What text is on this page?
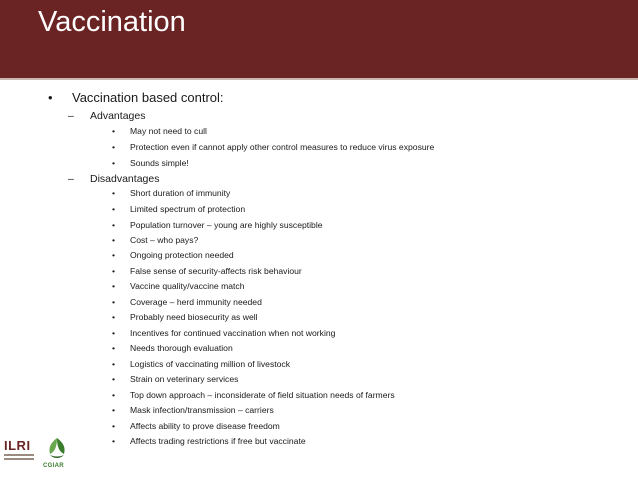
Vaccination
• Vaccination based control:
– Advantages
• May not need to cull
• Protection even if cannot apply other control measures to reduce virus exposure
• Sounds simple!
– Disadvantages
• Short duration of immunity
• Limited spectrum of protection
• Population turnover – young are highly susceptible
• Cost – who pays?
• Ongoing protection needed
• False sense of security-affects risk behaviour
• Vaccine quality/vaccine match
• Coverage – herd immunity needed
• Probably need biosecurity as well
• Incentives for continued vaccination when not working
• Needs thorough evaluation
• Logistics of vaccinating million of livestock
• Strain on veterinary services
• Top down approach – inconsiderate of field situation needs of farmers
• Mask infection/transmission – carriers
• Affects ability to prove disease freedom
• Affects trading restrictions if free but vaccinate
ILRI
CGIAR
